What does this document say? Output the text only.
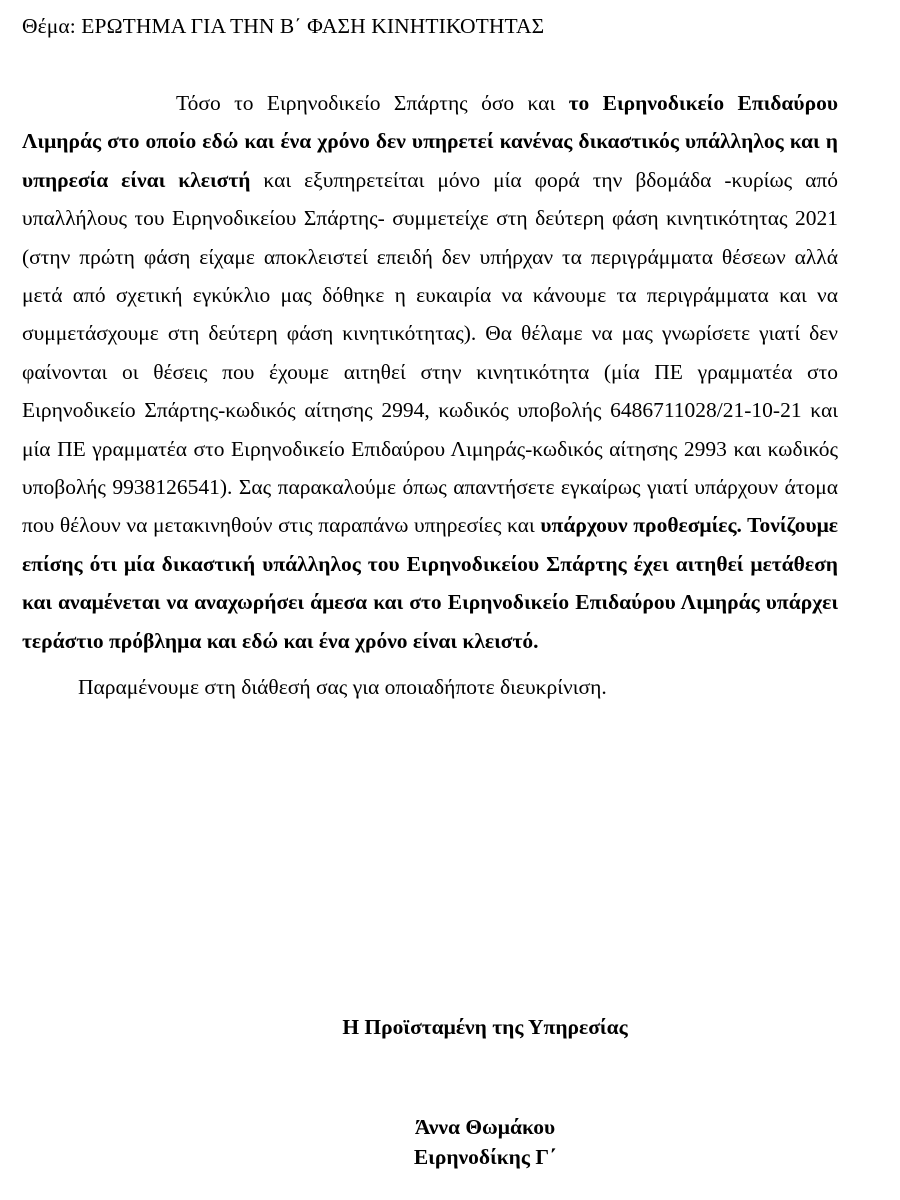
Θέμα: ΕΡΩΤΗΜΑ ΓΙΑ ΤΗΝ Β΄ ΦΑΣΗ ΚΙΝΗΤΙΚΟΤΗΤΑΣ

Τόσο το Ειρηνοδικείο Σπάρτης όσο και το Ειρηνοδικείο Επιδαύρου Λιμηράς στο οποίο εδώ και ένα χρόνο δεν υπηρετεί κανένας δικαστικός υπάλληλος και η υπηρεσία είναι κλειστή και εξυπηρετείται μόνο μία φορά την βδομάδα -κυρίως από υπαλλήλους του Ειρηνοδικείου Σπάρτης- συμμετείχε στη δεύτερη φάση κινητικότητας 2021 (στην πρώτη φάση είχαμε αποκλειστεί επειδή δεν υπήρχαν τα περιγράμματα θέσεων αλλά μετά από σχετική εγκύκλιο μας δόθηκε η ευκαιρία να κάνουμε τα περιγράμματα και να συμμετάσχουμε στη δεύτερη φάση κινητικότητας). Θα θέλαμε να μας γνωρίσετε γιατί δεν φαίνονται οι θέσεις που έχουμε αιτηθεί στην κινητικότητα (μία ΠΕ γραμματέα στο Ειρηνοδικείο Σπάρτης-κωδικός αίτησης 2994, κωδικός υποβολής 6486711028/21-10-21 και μία ΠΕ γραμματέα στο Ειρηνοδικείο Επιδαύρου Λιμηράς-κωδικός αίτησης 2993 και κωδικός υποβολής 9938126541). Σας παρακαλούμε όπως απαντήσετε εγκαίρως γιατί υπάρχουν άτομα που θέλουν να μετακινηθούν στις παραπάνω υπηρεσίες και υπάρχουν προθεσμίες. Τονίζουμε επίσης ότι μία δικαστική υπάλληλος του Ειρηνοδικείου Σπάρτης έχει αιτηθεί μετάθεση και αναμένεται να αναχωρήσει άμεσα και στο Ειρηνοδικείο Επιδαύρου Λιμηράς υπάρχει τεράστιο πρόβλημα και εδώ και ένα χρόνο είναι κλειστό.

Παραμένουμε στη διάθεσή σας για οποιαδήποτε διευκρίνιση.

Η Προϊσταμένη της Υπηρεσίας

Άννα Θωμάκου

Ειρηνοδίκης Γ΄
